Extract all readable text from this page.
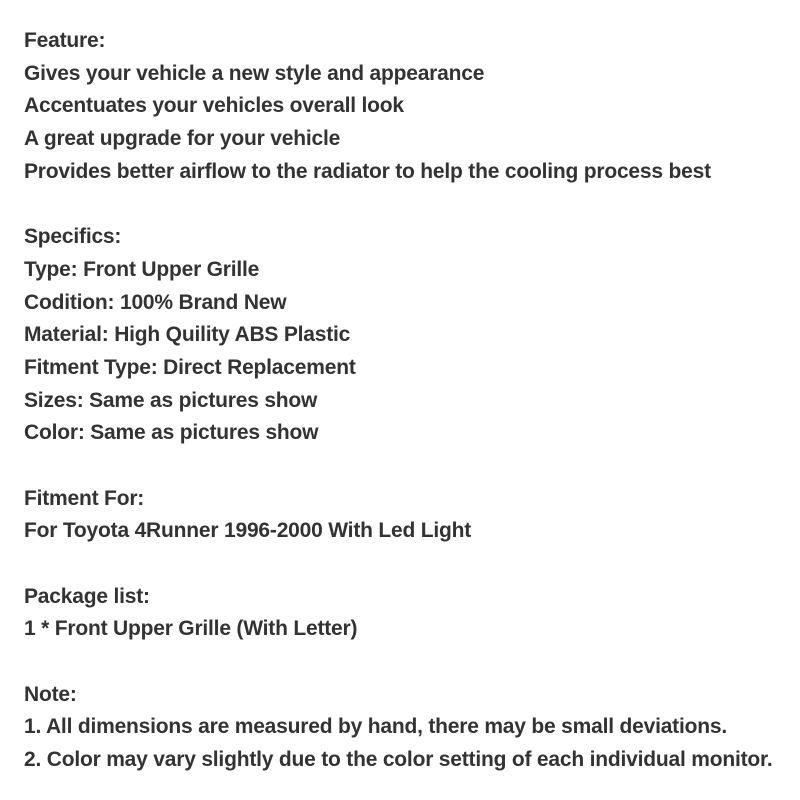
Feature:
Gives your vehicle a new style and appearance
Accentuates your vehicles overall look
A great upgrade for your vehicle
Provides better airflow to the radiator to help the cooling process best
Specifics:
Type: Front Upper Grille
Codition: 100% Brand New
Material: High Quility ABS Plastic
Fitment Type: Direct Replacement
Sizes: Same as pictures show
Color: Same as pictures show
Fitment For:
For Toyota 4Runner 1996-2000 With Led Light
Package list:
1 * Front Upper Grille (With Letter)
Note:
1. All dimensions are measured by hand, there may be small deviations.
2. Color may vary slightly due to the color setting of each individual monitor.
